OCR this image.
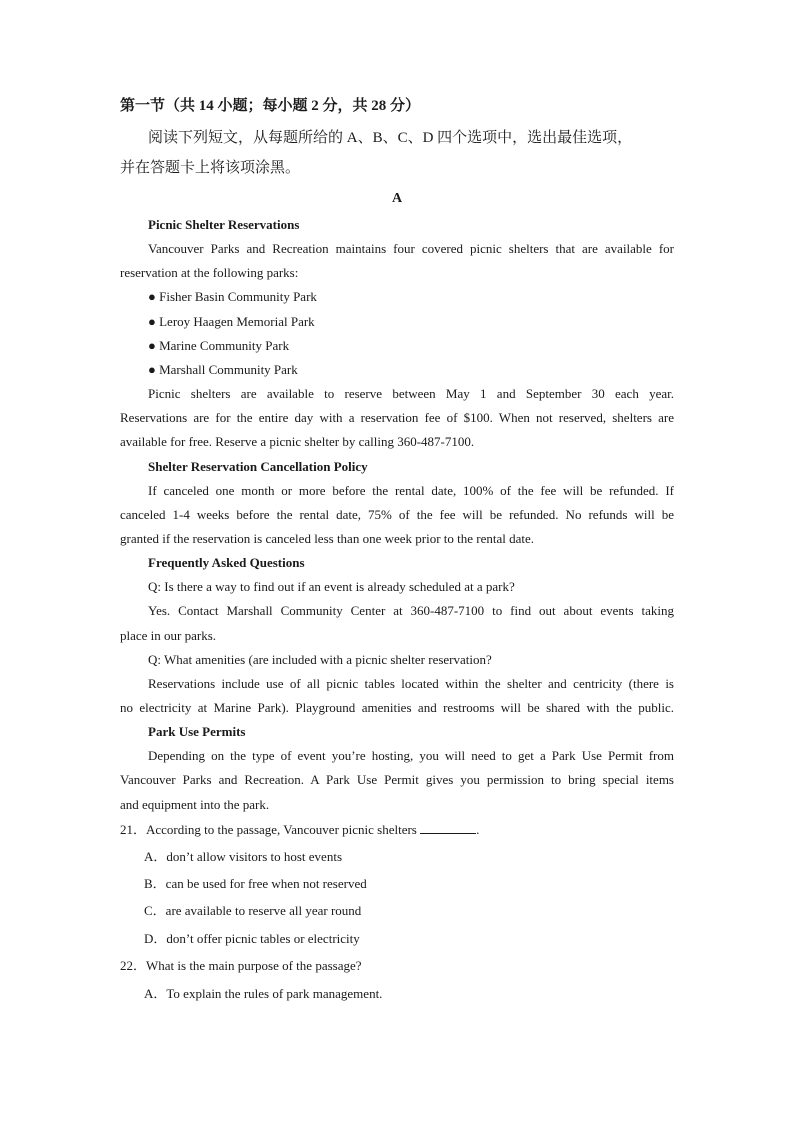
第一节（共 14 小题；每小题 2 分，共 28 分）
阅读下列短文，从每题所给的 A、B、C、D 四个选项中，选出最佳选项，
并在答题卡上将该项涂黑。
A
Picnic Shelter Reservations
Vancouver Parks and Recreation maintains four covered picnic shelters that are available for
reservation at the following parks:
● Fisher Basin Community Park
● Leroy Haagen Memorial Park
● Marine Community Park
● Marshall Community Park
Picnic shelters are available to reserve between May 1 and September 30 each year.
Reservations are for the entire day with a reservation fee of $100. When not reserved, shelters are
available for free. Reserve a picnic shelter by calling 360-487-7100.
Shelter Reservation Cancellation Policy
If canceled one month or more before the rental date, 100% of the fee will be refunded. If
canceled 1-4 weeks before the rental date, 75% of the fee will be refunded. No refunds will be
granted if the reservation is canceled less than one week prior to the rental date.
Frequently Asked Questions
Q: Is there a way to find out if an event is already scheduled at a park?
Yes. Contact Marshall Community Center at 360-487-7100 to find out about events taking
place in our parks.
Q: What amenities (are included with a picnic shelter reservation?
Reservations include use of all picnic tables located within the shelter and centricity (there is
no electricity at Marine Park). Playground amenities and restrooms will be shared with the public.
Park Use Permits
Depending on the type of event you’re hosting, you will need to get a Park Use Permit from
Vancouver Parks and Recreation. A Park Use Permit gives you permission to bring special items
and equipment into the park.
21．According to the passage, Vancouver picnic shelters	.
A．don’t allow visitors to host events
B．can be used for free when not reserved
C．are available to reserve all year round
D．don’t offer picnic tables or electricity
22．What is the main purpose of the passage?
A．To explain the rules of park management.
